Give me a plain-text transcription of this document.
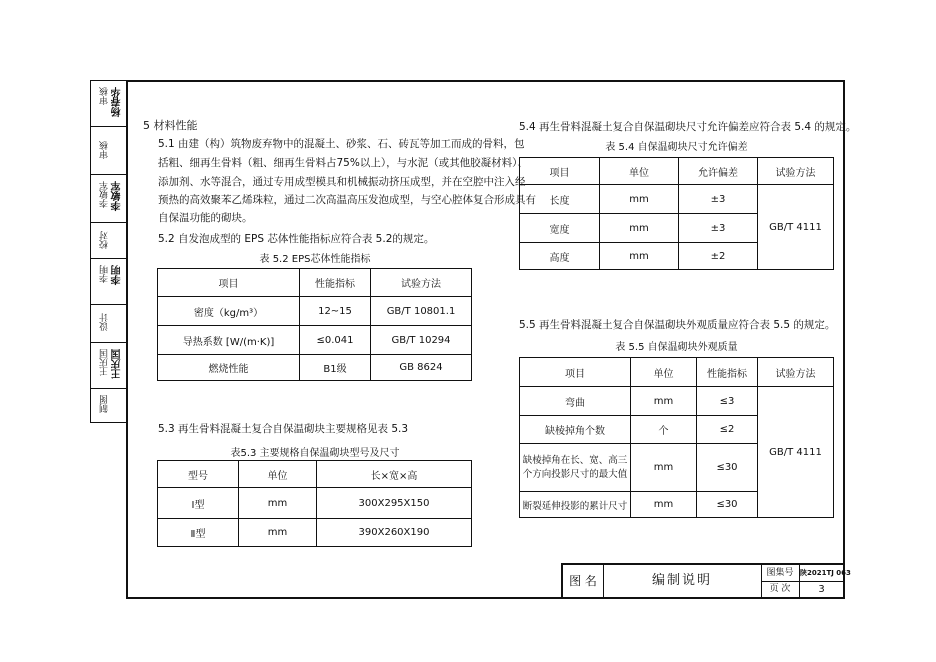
审核 杨春华
审核
李敏军 李敏军
校对
李明 李明
设计
王庆国 王庆国
制图
5 材料性能
5.1 由建（构）筑物废弃物中的混凝土、砂浆、石、砖瓦等加工而成的骨料，包
括粗、细再生骨料（粗、细再生骨料占75%以上），与水泥（或其他胶凝材料）、
添加剂、水等混合，通过专用成型模具和机械振动挤压成型，并在空腔中注入经
预热的高效聚苯乙烯珠粒，通过二次高温高压发泡成型，与空心腔体复合形成具有
自保温功能的砌块。
5.2 自发泡成型的 EPS 芯体性能指标应符合表 5.2的规定。
表 5.2 EPS芯体性能指标
项目	性能指标	试验方法
密度（kg/m³）	12~15	GB/T 10801.1
导热系数 [W/(m·K)]	≤0.041	GB/T 10294
燃烧性能	B1级	GB 8624
5.3 再生骨料混凝土复合自保温砌块主要规格见表 5.3
表5.3 主要规格自保温砌块型号及尺寸
型号	单位	长×宽×高
Ⅰ型	mm	300X295X150
Ⅱ型	mm	390X260X190
5.4 再生骨料混凝土复合自保温砌块尺寸允许偏差应符合表 5.4 的规定。
表 5.4 自保温砌块尺寸允许偏差
项目	单位	允许偏差	试验方法
长度	mm	±3	GB/T 4111
宽度	mm	±3	
高度	mm	±2	
5.5 再生骨料混凝土复合自保温砌块外观质量应符合表 5.5 的规定。
表 5.5 自保温砌块外观质量
项目	单位	性能指标	试验方法
弯曲	mm	≤3	GB/T 4111
缺棱掉角个数	个	≤2	

缺棱掉角在长、宽、高三
个方向投影尺寸的最大值	mm	≤30	
断裂延伸投影的累计尺寸	mm	≤30	
图 名	编制说明	图集号 陕2021TJ 063
页 次	3
